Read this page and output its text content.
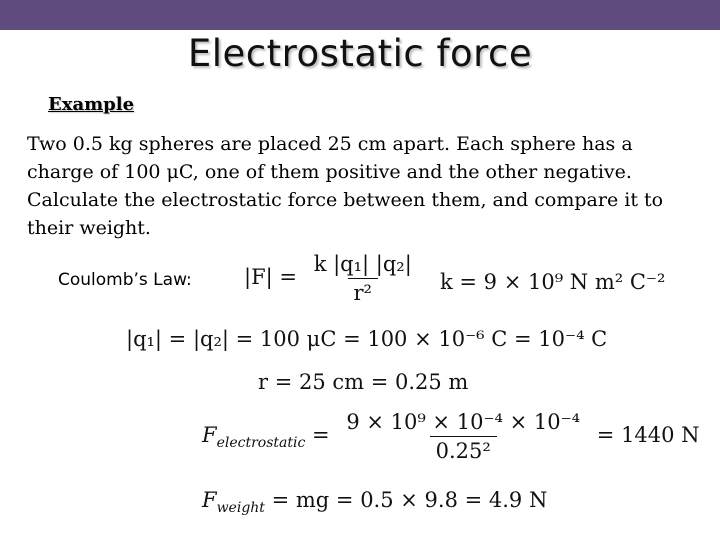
Electrostatic force
Example
Two 0.5 kg spheres are placed 25 cm apart. Each sphere has a charge of 100 μC, one of them positive and the other negative. Calculate the electrostatic force between them, and compare it to their weight.
Coulomb’s Law: $|F| = \frac{\text{k |q₁| |q₂|}}{\text{r²}}$ k = 9 × 10⁹ N m² C⁻²
|q₁| = |q₂| = 100 μC = 100 × 10⁻⁶ C = 10⁻⁴ C
r = 25 cm = 0.25 m
$F_{electrostatic} = \frac{\text{9 × 10⁹ × 10⁻⁴ × 10⁻⁴}}{\text{0.25²}} = 1440$ N
$F_{weight}$ = mg = 0.5 × 9.8 = 4.9 N
